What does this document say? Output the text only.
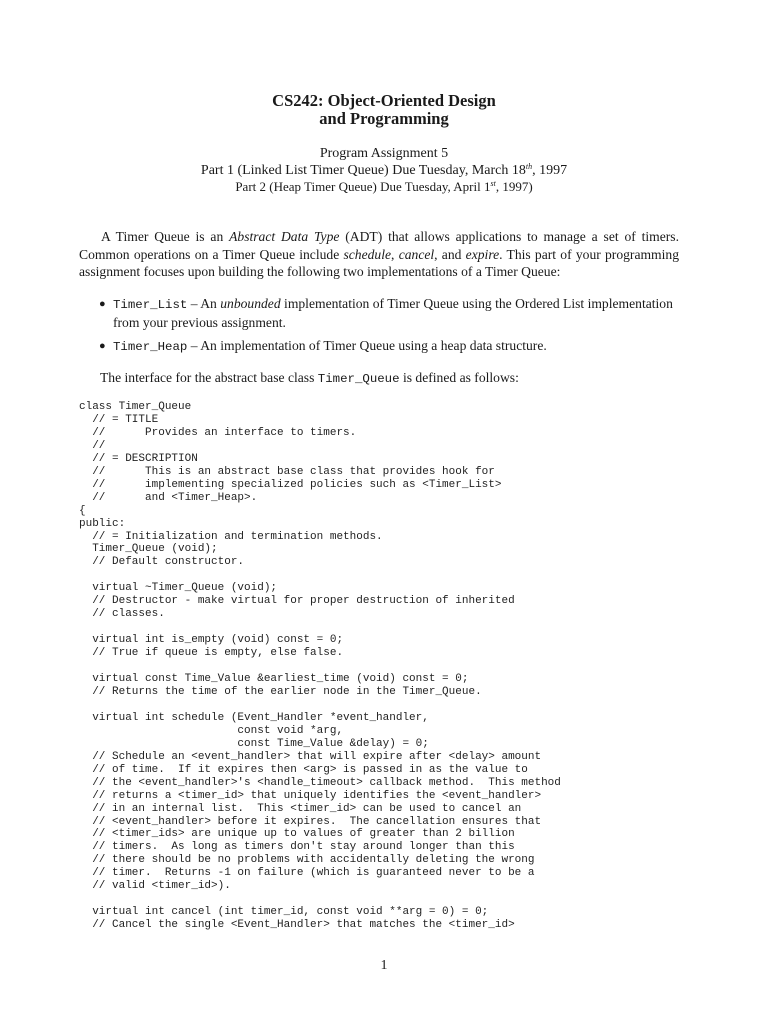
CS242: Object-Oriented Design
and Programming
Program Assignment 5
Part 1 (Linked List Timer Queue) Due Tuesday, March 18th, 1997
Part 2 (Heap Timer Queue) Due Tuesday, April 1st, 1997)
A Timer Queue is an Abstract Data Type (ADT) that allows applications to manage a set of timers.
Common operations on a Timer Queue include schedule, cancel, and expire. This part of your programming
assignment focuses upon building the following two implementations of a Timer Queue:
● Timer_List – An unbounded implementation of Timer Queue using the Ordered List implementation
from your previous assignment.
● Timer_Heap – An implementation of Timer Queue using a heap data structure.
The interface for the abstract base class Timer_Queue is defined as follows:
class Timer_Queue
// = TITLE
//      Provides an interface to timers.
//
// = DESCRIPTION
//      This is an abstract base class that provides hook for
//      implementing specialized policies such as <Timer_List>
//      and <Timer_Heap>.
{
public:
// = Initialization and termination methods.
Timer_Queue (void);
// Default constructor.

virtual ~Timer_Queue (void);
// Destructor - make virtual for proper destruction of inherited
// classes.

virtual int is_empty (void) const = 0;
// True if queue is empty, else false.

virtual const Time_Value &earliest_time (void) const = 0;
// Returns the time of the earlier node in the Timer_Queue.

virtual int schedule (Event_Handler *event_handler,
const void *arg,
const Time_Value &delay) = 0;
// Schedule an <event_handler> that will expire after <delay> amount
// of time.  If it expires then <arg> is passed in as the value to
// the <event_handler>'s <handle_timeout> callback method.  This method
// returns a <timer_id> that uniquely identifies the <event_handler>
// in an internal list.  This <timer_id> can be used to cancel an
// <event_handler> before it expires.  The cancellation ensures that
// <timer_ids> are unique up to values of greater than 2 billion
// timers.  As long as timers don't stay around longer than this
// there should be no problems with accidentally deleting the wrong
// timer.  Returns -1 on failure (which is guaranteed never to be a
// valid <timer_id>).

virtual int cancel (int timer_id, const void **arg = 0) = 0;
// Cancel the single <Event_Handler> that matches the <timer_id>
1
